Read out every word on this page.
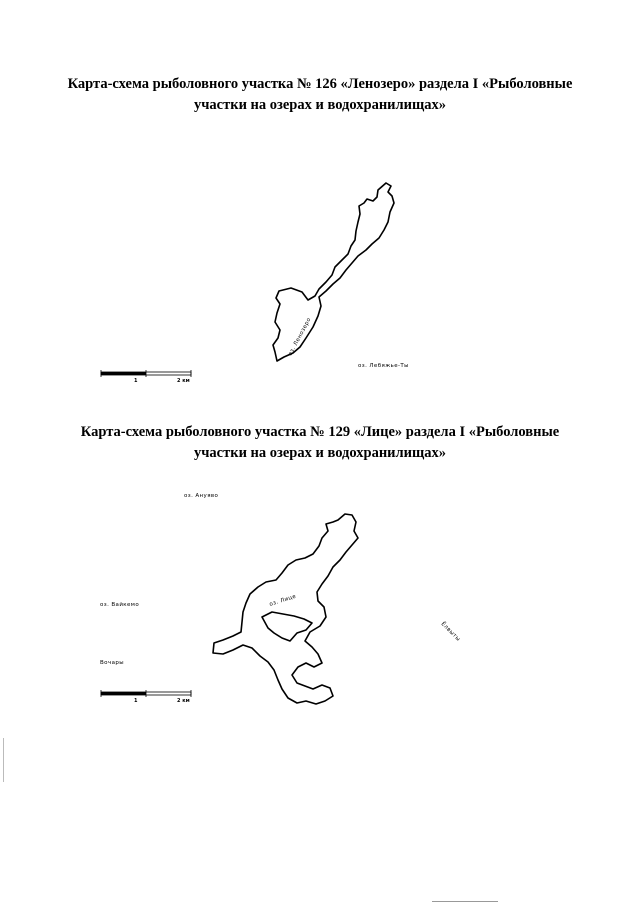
Карта-схема рыболовного участка № 126 «Ленозеро» раздела I «Рыболовные
участки на озерах и водохранилищах»
оз. Ленозеро
оз. Лебяжье-Ты
1	2 км
Карта-схема рыболовного участка № 129 «Лице» раздела I «Рыболовные
участки на озерах и водохранилищах»
оз. Лице
оз. Ануяво
оз. Вайкемо
Вочары
Ёлвыты
1	2 км
